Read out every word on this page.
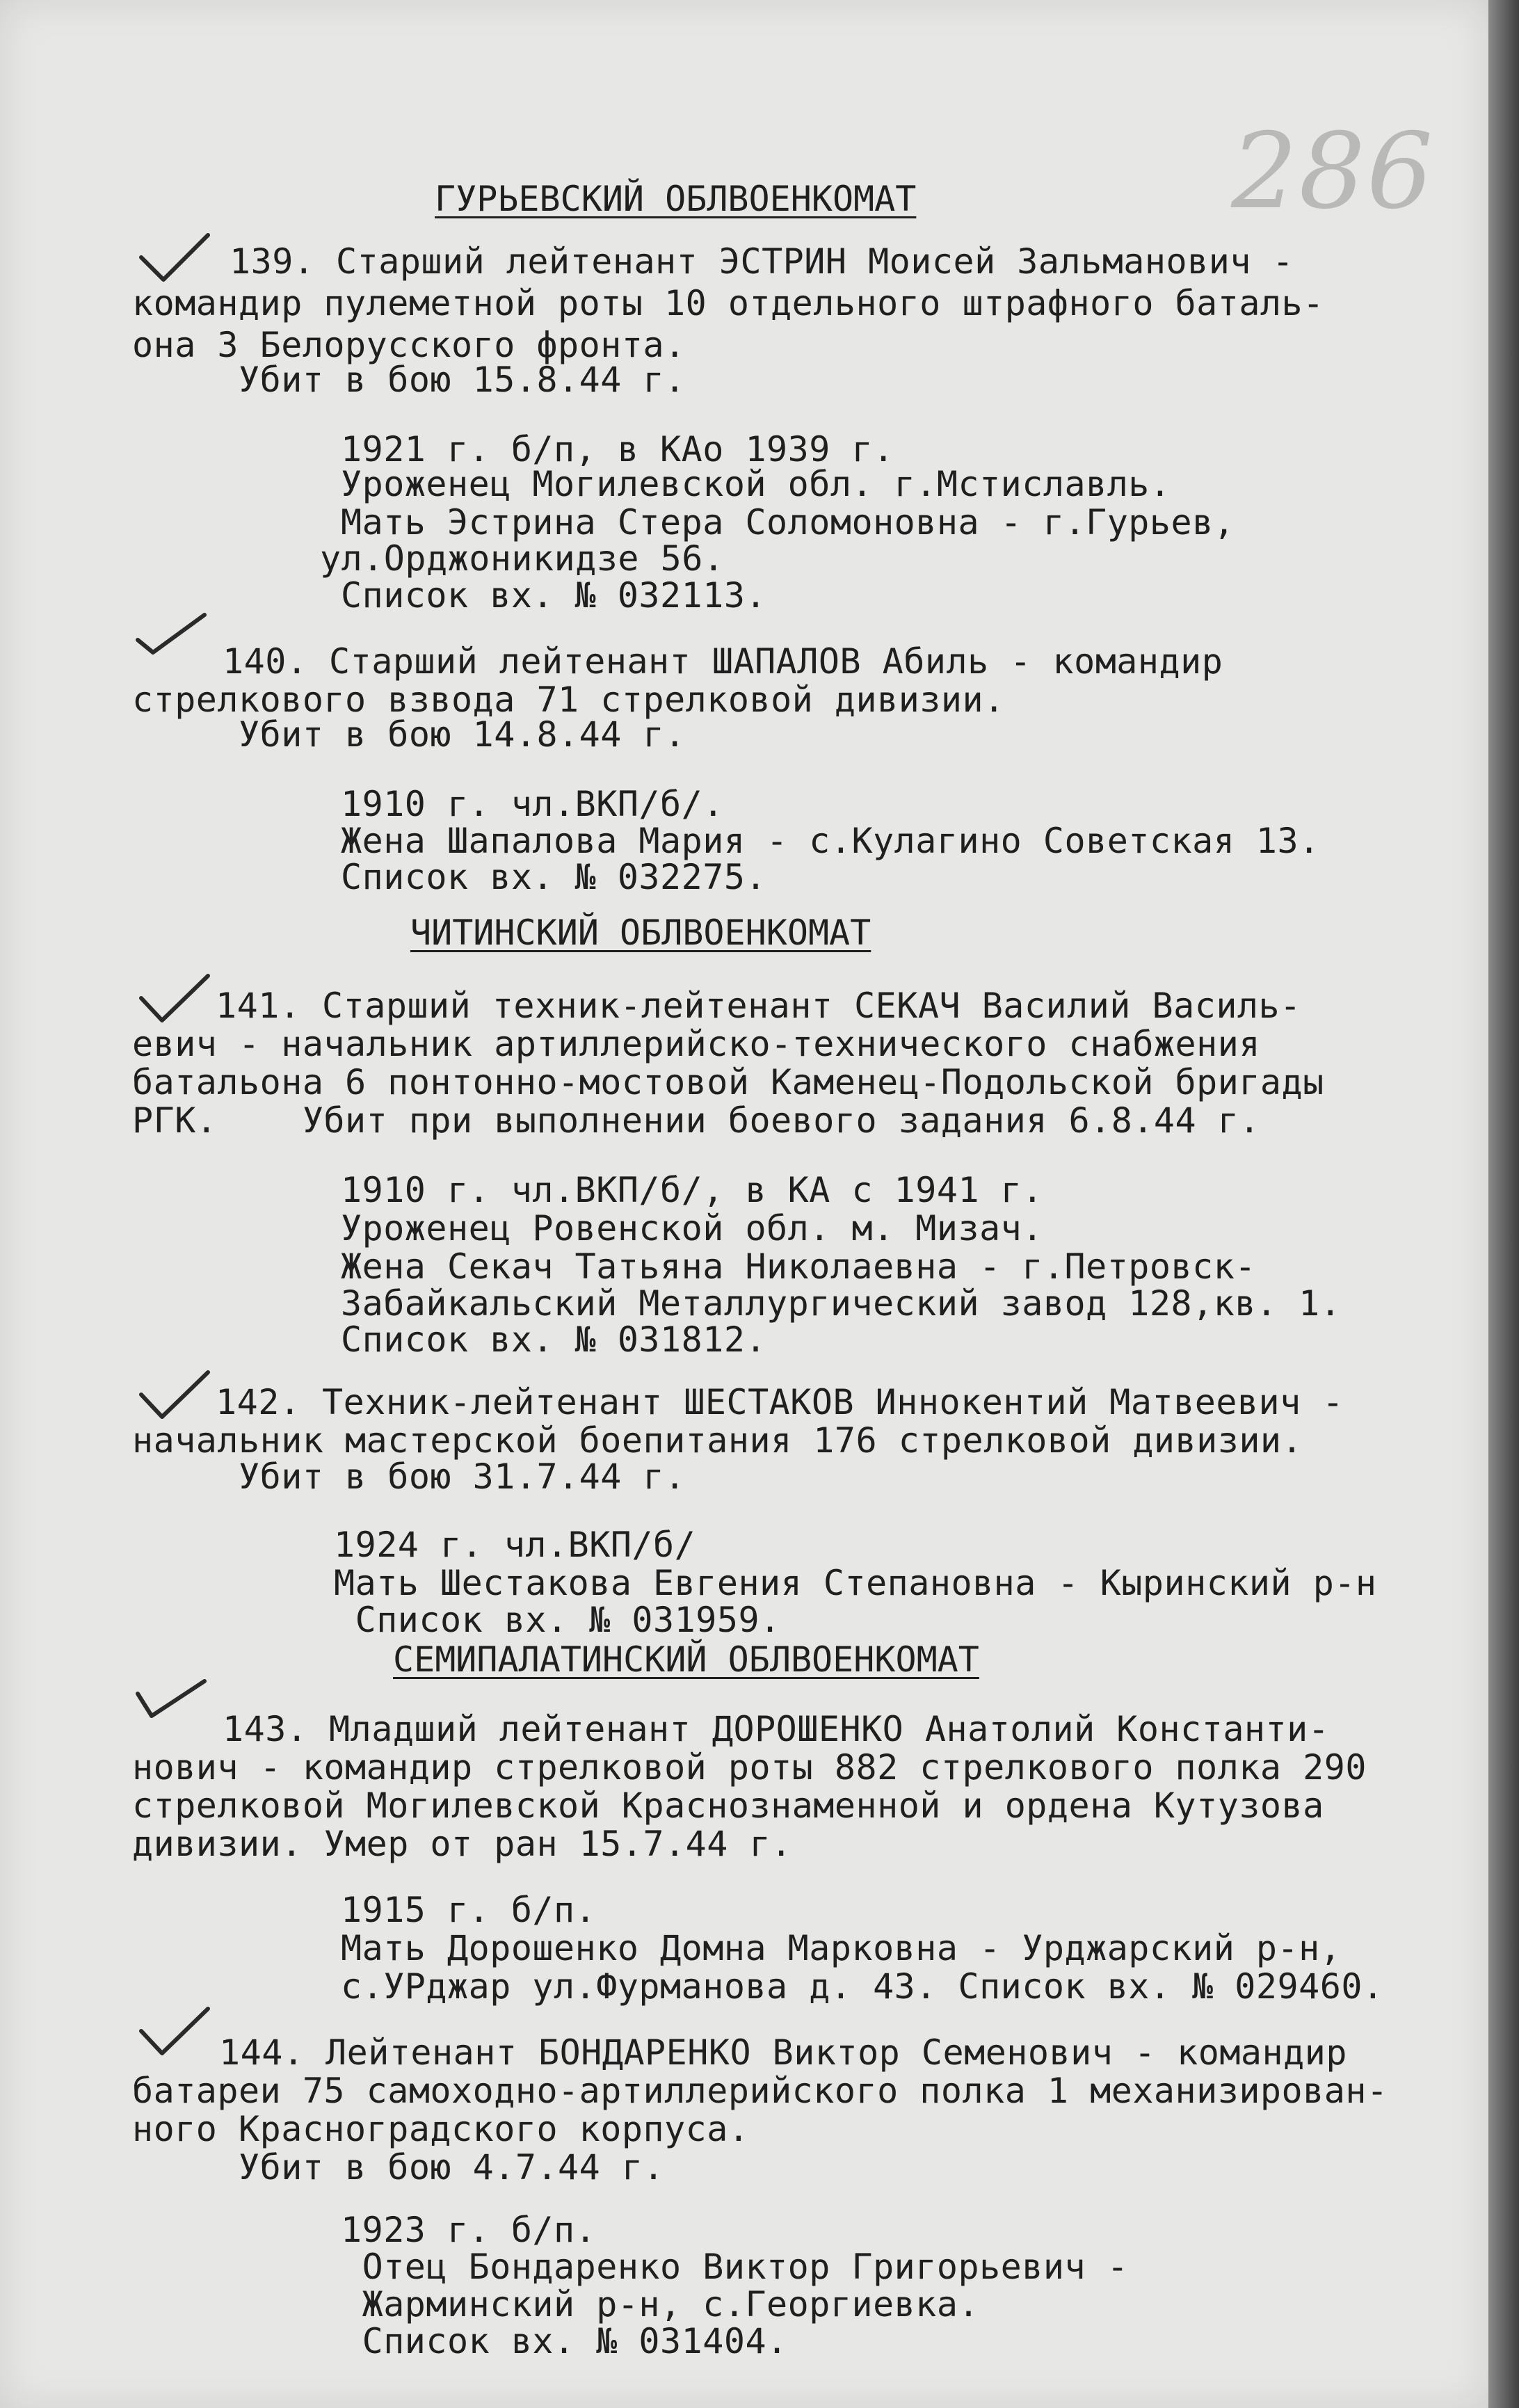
286

ГУРЬЕВСКИЙ ОБЛВОЕНКОМАТ

139. Старший лейтенант ЭСТРИН Моисей Зальманович -

командир пулеметной роты 10 отдельного штрафного баталь-

она 3 Белорусского фронта.

Убит в бою 15.8.44 г.

1921 г. б/п, в КАо 1939 г.

Уроженец Могилевской обл. г.Мстиславль.

Мать Эстрина Стера Соломоновна - г.Гурьев,

ул.Орджоникидзе 56.

Список вх. № 032113.

140. Старший лейтенант ШАПАЛОВ Абиль - командир

стрелкового взвода 71 стрелковой дивизии.

Убит в бою 14.8.44 г.

1910 г. чл.ВКП/б/.

Жена Шапалова Мария - с.Кулагино Советская 13.

Список вх. № 032275.

ЧИТИНСКИЙ ОБЛВОЕНКОМАТ

141. Старший техник-лейтенант СЕКАЧ Василий Василь-

евич - начальник артиллерийско-технического снабжения

батальона 6 понтонно-мостовой Каменец-Подольской бригады

РГК.    Убит при выполнении боевого задания 6.8.44 г.

1910 г. чл.ВКП/б/, в КА с 1941 г.

Уроженец Ровенской обл. м. Мизач.

Жена Секач Татьяна Николаевна - г.Петровск-

Забайкальский Металлургический завод 128,кв. 1.

Список вх. № 031812.

142. Техник-лейтенант ШЕСТАКОВ Иннокентий Матвеевич -

начальник мастерской боепитания 176 стрелковой дивизии.

Убит в бою 31.7.44 г.

1924 г. чл.ВКП/б/

Мать Шестакова Евгения Степановна - Кыринский р-н

Список вх. № 031959.

СЕМИПАЛАТИНСКИЙ ОБЛВОЕНКОМАТ

143. Младший лейтенант ДОРОШЕНКО Анатолий Константи-

нович - командир стрелковой роты 882 стрелкового полка 290

стрелковой Могилевской Краснознаменной и ордена Кутузова

дивизии. Умер от ран 15.7.44 г.

1915 г. б/п.

Мать Дорошенко Домна Марковна - Урджарский р-н,

с.УРджар ул.Фурманова д. 43. Список вх. № 029460.

144. Лейтенант БОНДАРЕНКО Виктор Семенович - командир

батареи 75 самоходно-артиллерийского полка 1 механизирован-

ного Красноградского корпуса.

Убит в бою 4.7.44 г.

1923 г. б/п.

Отец Бондаренко Виктор Григорьевич -

Жарминский р-н, с.Георгиевка.

Список вх. № 031404.
